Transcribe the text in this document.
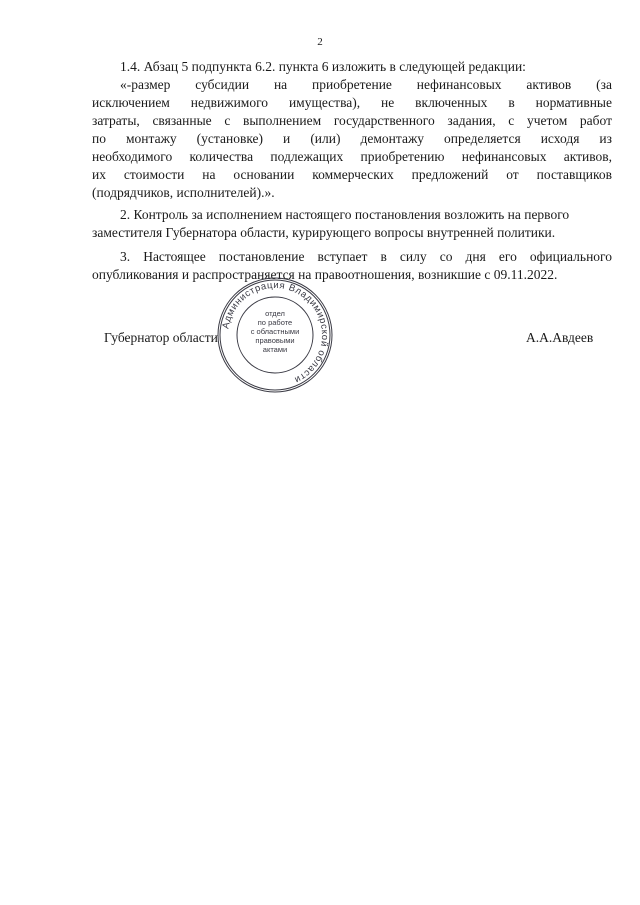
2

1.4. Абзац 5 подпункта 6.2. пункта 6 изложить в следующей редакции:

«-размер субсидии на приобретение нефинансовых активов (за
исключением недвижимого имущества), не включенных в нормативные
затраты, связанные с выполнением государственного задания, с учетом работ
по монтажу (установке) и (или) демонтажу определяется исходя из
необходимого количества подлежащих приобретению нефинансовых активов,
их стоимости на основании коммерческих предложений от поставщиков
(подрядчиков, исполнителей).».

2. Контроль за исполнением настоящего постановления возложить на первого
заместителя Губернатора области, курирующего вопросы внутренней политики.

3. Настоящее постановление вступает в силу со дня его официального
опубликования и распространяется на правоотношения, возникшие с 09.11.2022.

Администрация Владимирской области
отдел
по работе
с областными
правовыми
актами
Губернатор области	А.А.Авдеев
